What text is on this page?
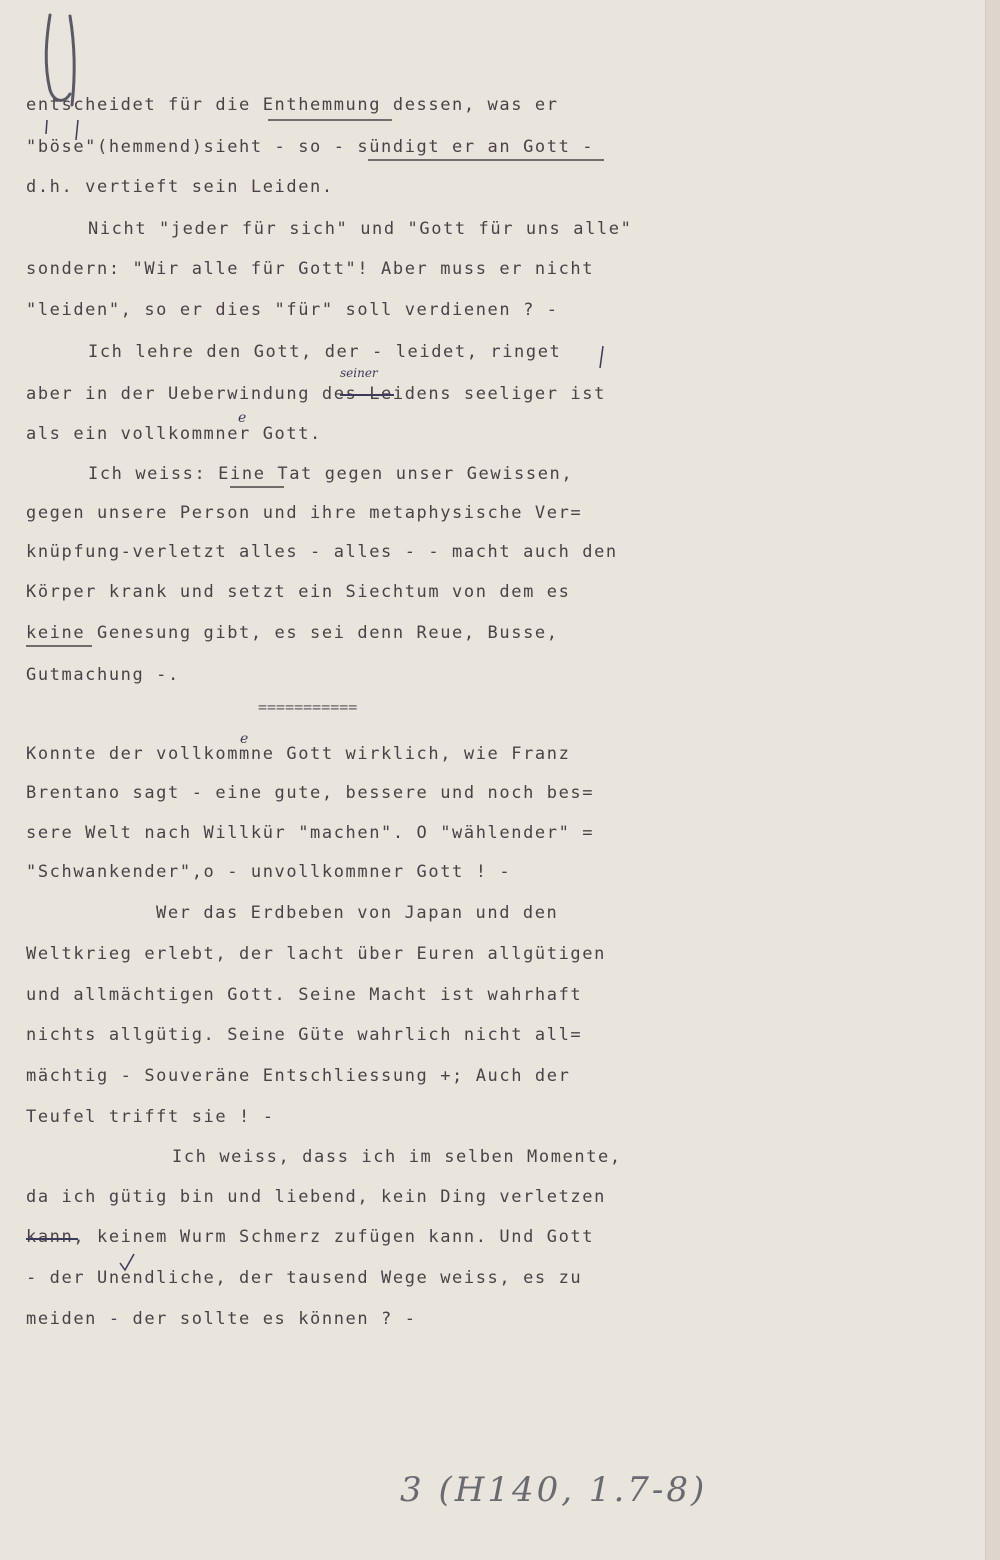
entscheidet für die Enthemmung dessen, was er
"böse"(hemmend)sieht - so - sündigt er an Gott -
d.h. vertieft sein Leiden.
Nicht "jeder für sich" und "Gott für uns alle"
sondern: "Wir alle für Gott"! Aber muss er nicht
"leiden", so er dies "für" soll verdienen ? -
Ich lehre den Gott, der - leidet, ringet
aber in der Ueberwindung des Leidens seeliger ist
als ein vollkommner Gott.
Ich weiss: Eine Tat gegen unser Gewissen,
gegen unsere Person und ihre metaphysische Ver=
knüpfung-verletzt alles - alles - - macht auch den
Körper krank und setzt ein Siechtum von dem es
keine Genesung gibt, es sei denn Reue, Busse,
Gutmachung -.
===========
Konnte der vollkommne Gott wirklich, wie Franz
Brentano sagt - eine gute, bessere und noch bes=
sere Welt nach Willkür "machen". O "wählender" =
"Schwankender",o - unvollkommner Gott ! -
Wer das Erdbeben von Japan und den
Weltkrieg erlebt, der lacht über Euren allgütigen
und allmächtigen Gott. Seine Macht ist wahrhaft
nichts allgütig. Seine Güte wahrlich nicht all=
mächtig - Souveräne Entschliessung +; Auch der
Teufel trifft sie ! -
Ich weiss, dass ich im selben Momente,
da ich gütig bin und liebend, kein Ding verletzen
kann, keinem Wurm Schmerz zufügen kann. Und Gott
- der Unendliche, der tausend Wege weiss, es zu
meiden - der sollte es können ? -
seiner
e
e
3 (H140, 1.7-8)
